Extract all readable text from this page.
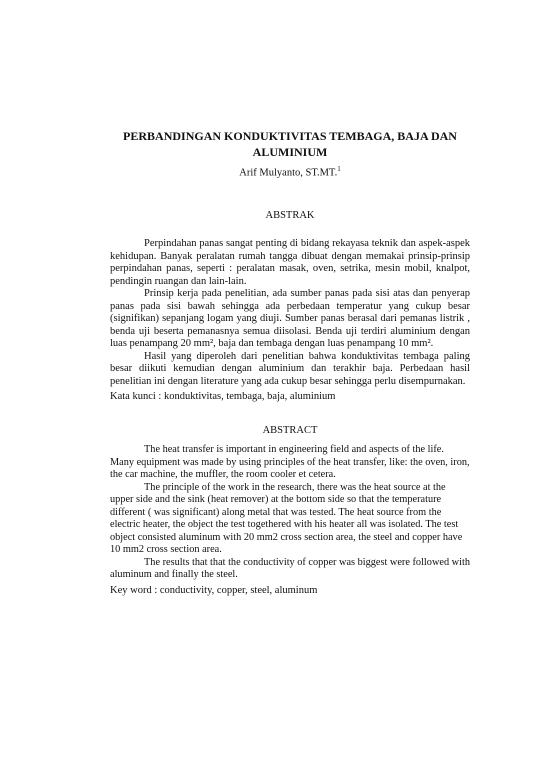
PERBANDINGAN KONDUKTIVITAS TEMBAGA, BAJA DAN
ALUMINIUM
Arif Mulyanto, ST.MT.$^1$
ABSTRAK

Perpindahan panas sangat penting di bidang rekayasa teknik dan aspek-aspek kehidupan. Banyak peralatan rumah tangga dibuat dengan memakai prinsip-prinsip perpindahan panas, seperti : peralatan masak, oven, setrika, mesin mobil, knalpot, pendingin ruangan dan lain-lain.

Prinsip kerja pada penelitian, ada sumber panas pada sisi atas dan penyerap panas pada sisi bawah sehingga ada perbedaan temperatur yang cukup besar (signifikan) sepanjang logam yang diuji. Sumber panas berasal dari pemanas listrik , benda uji beserta pemanasnya semua diisolasi. Benda uji terdiri aluminium dengan luas penampang 20 mm², baja dan tembaga dengan luas penampang 10 mm².

Hasil yang diperoleh dari penelitian bahwa konduktivitas tembaga paling besar diikuti kemudian dengan aluminium dan terakhir baja. Perbedaan hasil penelitian ini dengan literature yang ada cukup besar sehingga perlu disempurnakan.

Kata kunci : konduktivitas, tembaga, baja, aluminium
ABSTRACT

The heat transfer is important in engineering field and aspects of the life. Many equipment was made by using principles of the heat transfer, like: the oven, iron, the car machine, the muffler, the room cooler et cetera.

The principle of the work in the research, there was the heat source at the upper side and the sink (heat remover) at the bottom side so that the temperature different ( was significant) along metal that was tested. The heat source from the electric heater, the object the test togethered with his heater all was isolated. The test object consisted aluminum with 20 mm2 cross section area, the steel and copper have 10 mm2 cross section area.

The results that that the conductivity of copper was biggest were followed with aluminum and finally the steel.

Key word : conductivity, copper, steel, aluminum
